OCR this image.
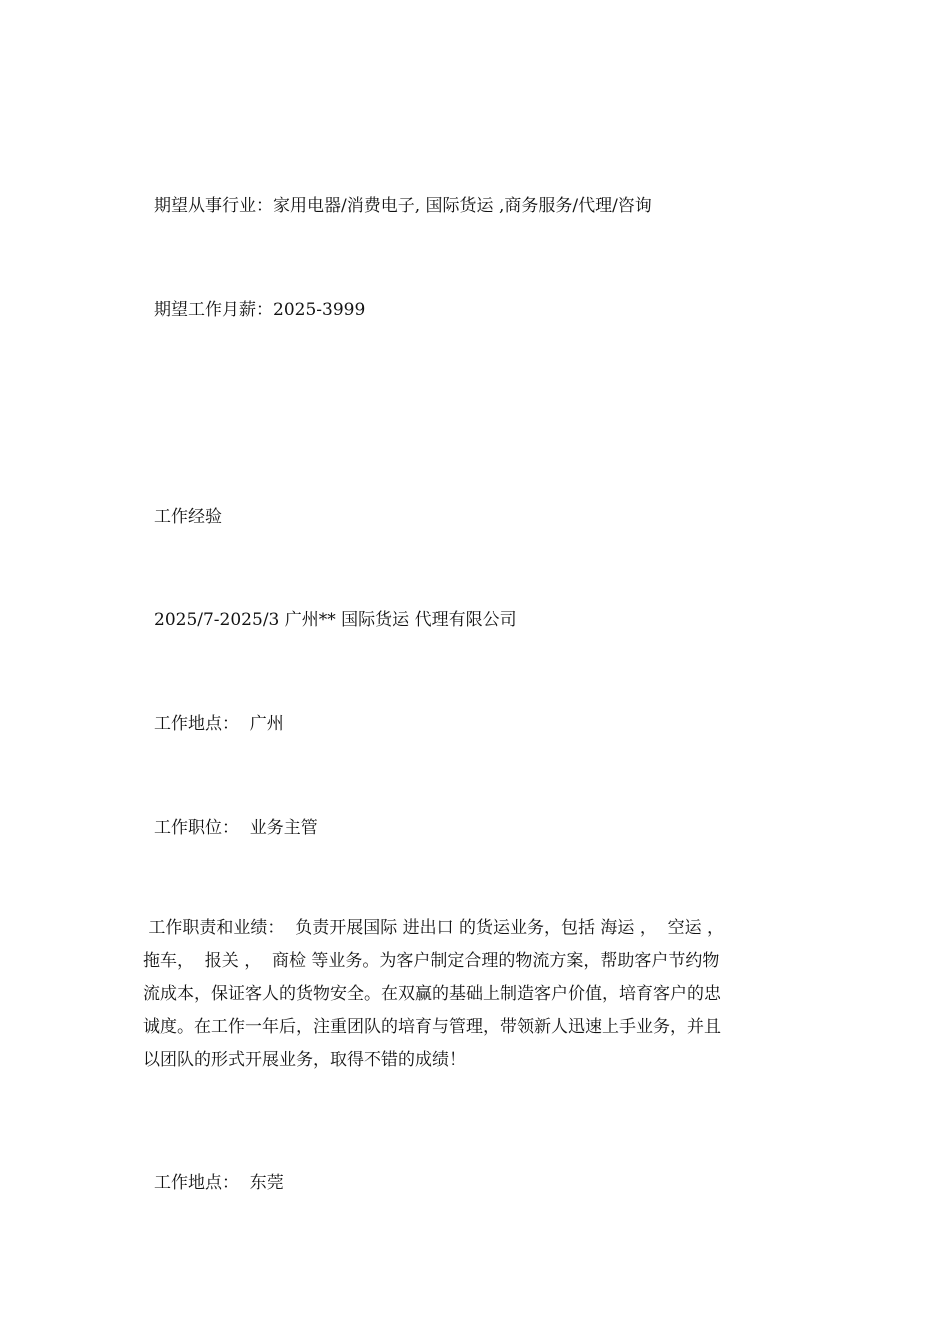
期望从事行业：家用电器/消费电子, 国际货运 ,商务服务/代理/咨询

期望工作月薪：2025-3999

工作经验

2025/7-2025/3 广州** 国际货运 代理有限公司

工作地点：  广州

工作职位：  业务主管

工作职责和业绩：  负责开展国际 进出口 的货运业务，包括 海运 ，  空运 ，
拖车，  报关 ，  商检 等业务。为客户制定合理的物流方案，帮助客户节约物
流成本，保证客人的货物安全。在双赢的基础上制造客户价值，培育客户的忠
诚度。在工作一年后，注重团队的培育与管理，带领新人迅速上手业务，并且
以团队的形式开展业务，取得不错的成绩！

工作地点：  东莞
